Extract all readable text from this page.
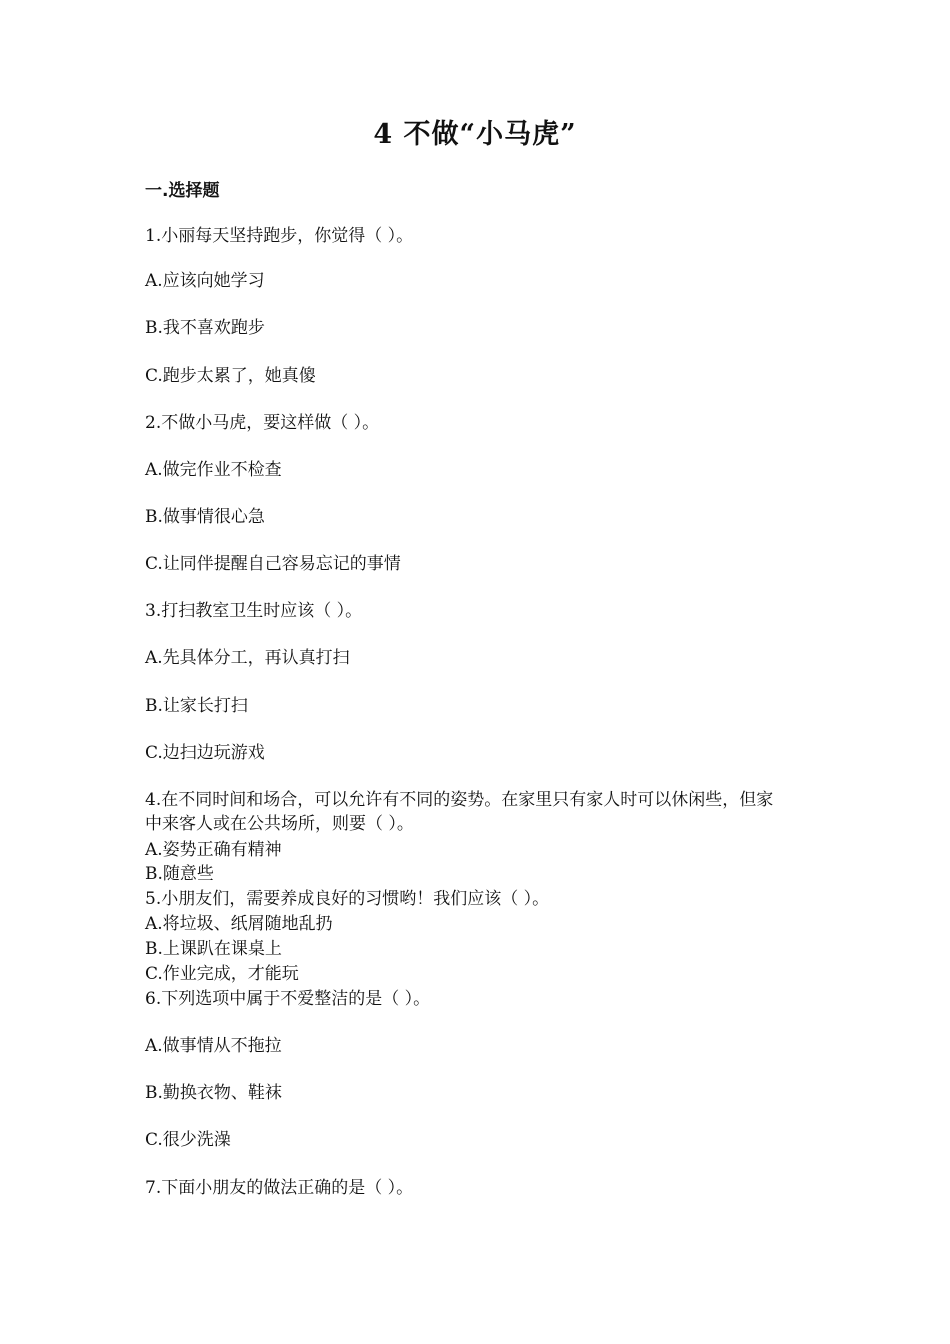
4 不做“小马虎”
一.选择题

1.小丽每天坚持跑步，你觉得（ ）。

A.应该向她学习

B.我不喜欢跑步

C.跑步太累了，她真傻

2.不做小马虎，要这样做（ ）。

A.做完作业不检查

B.做事情很心急

C.让同伴提醒自己容易忘记的事情

3.打扫教室卫生时应该（ ）。

A.先具体分工，再认真打扫

B.让家长打扫

C.边扫边玩游戏

4.在不同时间和场合，可以允许有不同的姿势。在家里只有家人时可以休闲些，但家中来客人或在公共场所，则要（ ）。

A.姿势正确有精神

B.随意些

5.小朋友们，需要养成良好的习惯哟！我们应该（ ）。

A.将垃圾、纸屑随地乱扔

B.上课趴在课桌上

C.作业完成，才能玩

6.下列选项中属于不爱整洁的是（ ）。

A.做事情从不拖拉

B.勤换衣物、鞋袜

C.很少洗澡

7.下面小朋友的做法正确的是（ ）。
